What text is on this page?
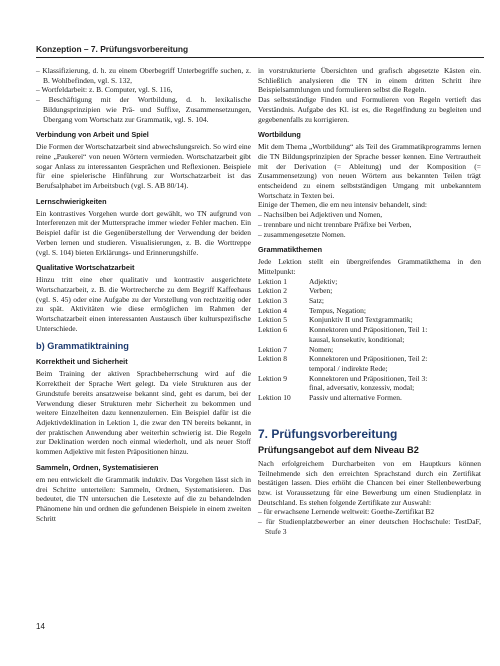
Konzeption – 7. Prüfungsvorbereitung
– Klassifizierung, d. h. zu einem Oberbegriff Unterbegriffe suchen, z. B. Wohlbefinden, vgl. S. 132,
– Wortfeldarbeit: z. B. Computer, vgl. S. 116,
– Beschäftigung mit der Wortbildung, d. h. lexikalische Bildungsprinzipien wie Prä- und Suffixe, Zusammensetzungen, Übergang vom Wortschatz zur Grammatik, vgl. S. 104.
Verbindung von Arbeit und Spiel

Die Formen der Wortschatzarbeit sind abwechslungsreich. So wird eine reine „Paukerei“ von neuen Wörtern vermieden. Wortschatzarbeit gibt sogar Anlass zu interessanten Gesprächen und Reflexionen. Beispiele für eine spielerische Hinführung zur Wortschatzarbeit ist das Berufsalphabet im Arbeitsbuch (vgl. S. AB 80/14).

Lernschwierigkeiten

Ein kontrastives Vorgehen wurde dort gewählt, wo TN aufgrund von Interferenzen mit der Muttersprache immer wieder Fehler machen. Ein Beispiel dafür ist die Gegenüberstellung der Verwendung der beiden Verben lernen und studieren. Visualisierungen, z. B. die Worttreppe (vgl. S. 104) bieten Erklärungs- und Erinnerungshilfe.

Qualitative Wortschatzarbeit

Hinzu tritt eine eher qualitativ und kontrastiv ausgerichtete Wortschatzarbeit, z. B. die Wortrecherche zu dem Begriff Kaffeehaus (vgl. S. 45) oder eine Aufgabe zu der Vorstellung von rechtzeitig oder zu spät. Aktivitäten wie diese ermöglichen im Rahmen der Wortschatzarbeit einen interessanten Austausch über kulturspezifische Unterschiede.

b) Grammatiktraining
Korrektheit und Sicherheit

Beim Training der aktiven Sprachbeherrschung wird auf die Korrektheit der Sprache Wert gelegt. Da viele Strukturen aus der Grundstufe bereits ansatzweise bekannt sind, geht es darum, bei der Verwendung dieser Strukturen mehr Sicherheit zu bekommen und weitere Einzelheiten dazu kennenzulernen. Ein Beispiel dafür ist die Adjektivdeklination in Lektion 1, die zwar den TN bereits bekannt, in der praktischen Anwendung aber weiterhin schwierig ist. Die Regeln zur Deklination werden noch einmal wiederholt, und als neuer Stoff kommen Adjektive mit festen Präpositionen hinzu.

Sammeln, Ordnen, Systematisieren

em neu entwickelt die Grammatik induktiv. Das Vorgehen lässt sich in drei Schritte unterteilen: Sammeln, Ordnen, Systematisieren. Das bedeutet, die TN untersuchen die Lesetexte auf die zu behandelnden Phänomene hin und ordnen die gefundenen Beispiele in einem zweiten Schritt

in vorstrukturierte Übersichten und grafisch abgesetzte Kästen ein. Schließlich analysieren die TN in einem dritten Schritt ihre Beispielsammlungen und formulieren selbst die Regeln.

Das selbstständige Finden und Formulieren von Regeln vertieft das Verständnis. Aufgabe des Kl. ist es, die Regelfindung zu begleiten und gegebenenfalls zu korrigieren.

Wortbildung

Mit dem Thema „Wortbildung“ als Teil des Grammatikprogramms lernen die TN Bildungsprinzipien der Sprache besser kennen. Eine Vertrautheit mit der Derivation (= Ableitung) und der Komposition (= Zusammensetzung) von neuen Wörtern aus bekannten Teilen trägt entscheidend zu einem selbstständigen Umgang mit unbekanntem Wortschatz in Texten bei.

Einige der Themen, die em neu intensiv behandelt, sind:

– Nachsilben bei Adjektiven und Nomen,
– trennbare und nicht trennbare Präfixe bei Verben,
– zusammengesetzte Nomen.
Grammatikthemen

Jede Lektion stellt ein übergreifendes Grammatikthema in den Mittelpunkt:

Lektion 1	Adjektiv;
Lektion 2	Verben;
Lektion 3	Satz;
Lektion 4	Tempus, Negation;
Lektion 5	Konjunktiv II und Textgrammatik;
Lektion 6	Konnektoren und Präpositionen, Teil 1:
kausal, konsekutiv, konditional;
Lektion 7	Nomen;
Lektion 8	Konnektoren und Präpositionen, Teil 2:
temporal / indirekte Rede;
Lektion 9	Konnektoren und Präpositionen, Teil 3:
final, adversativ, konzessiv, modal;
Lektion 10	Passiv und alternative Formen.
7. Prüfungsvorbereitung
Prüfungsangebot auf dem Niveau B2

Nach erfolgreichem Durcharbeiten von em Hauptkurs können Teilnehmende sich den erreichten Sprachstand durch ein Zertifikat bestätigen lassen. Dies erhöht die Chancen bei einer Stellenbewerbung bzw. ist Voraussetzung für eine Bewerbung um einen Studienplatz in Deutschland. Es stehen folgende Zertifikate zur Auswahl:

– für erwachsene Lernende weltweit: Goethe-Zertifikat B2
– für Studienplatzbewerber an einer deutschen Hochschule: TestDaF, Stufe 3
14
